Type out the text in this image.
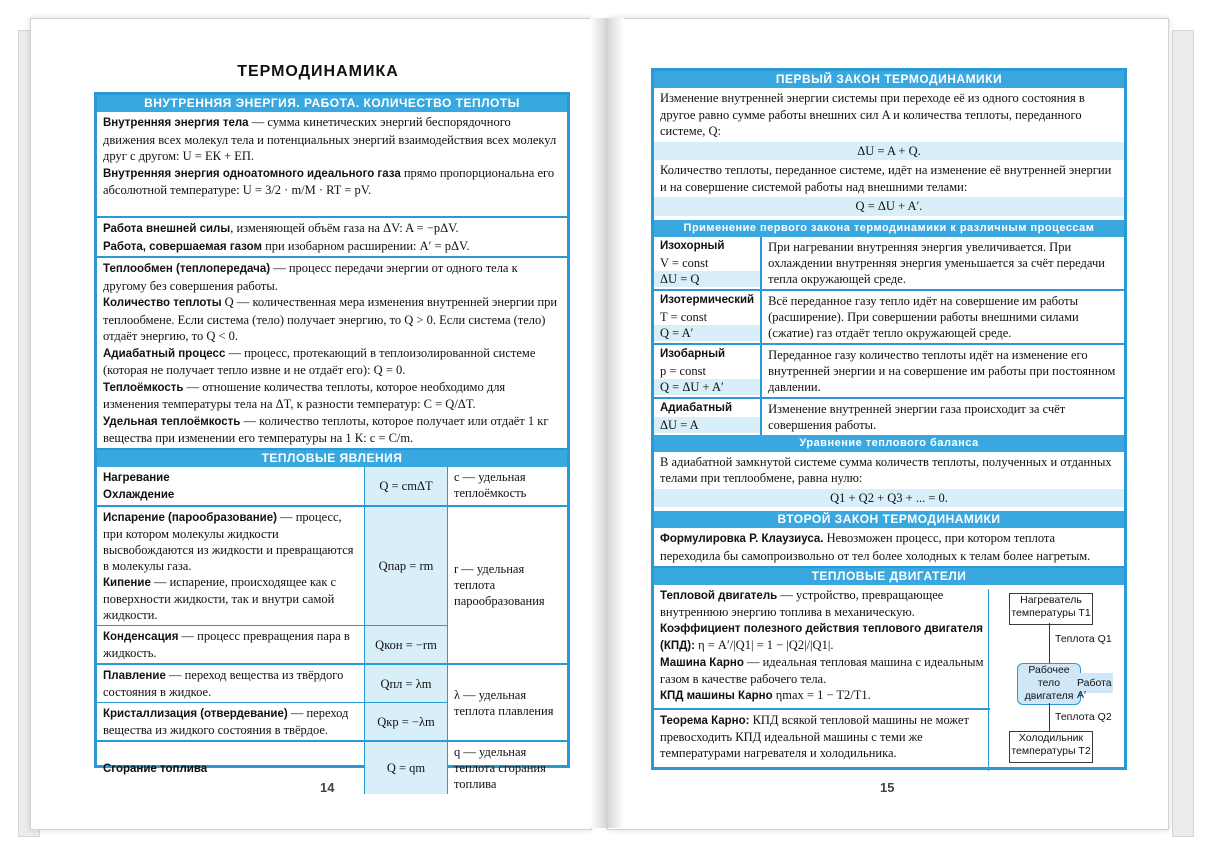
ТЕРМОДИНАМИКА
ВНУТРЕННЯЯ ЭНЕРГИЯ. РАБОТА. КОЛИЧЕСТВО ТЕПЛОТЫ
Внутренняя энергия тела — сумма кинетических энергий беспорядочного движения всех молекул тела и потенциальных энергий взаимодействия всех молекул друг с другом: U = EК + EП.
Внутренняя энергия одноатомного идеального газа прямо пропорциональна его абсолютной температуре: U = 3/2 · m/M · RT = pV.
Работа внешней силы, изменяющей объём газа на ΔV: A = −pΔV.
Работа, совершаемая газом при изобарном расширении: A′ = pΔV.
Теплообмен (теплопередача) — процесс передачи энергии от одного тела к другому без совершения работы.
Количество теплоты Q — количественная мера изменения внутренней энергии при теплообмене. Если система (тело) получает энергию, то Q > 0. Если система (тело) отдаёт энергию, то Q < 0.
Адиабатный процесс — процесс, протекающий в теплоизолированной системе (которая не получает тепло извне и не отдаёт его): Q = 0.
Теплоёмкость — отношение количества теплоты, которое необходимо для изменения температуры тела на ΔT, к разности температур: C = Q/ΔT.
Удельная теплоёмкость — количество теплоты, которое получает или отдаёт 1 кг вещества при изменении его температуры на 1 К: c = C/m.
ТЕПЛОВЫЕ ЯВЛЕНИЯ
Нагревание
Охлаждение	Q = cmΔT	c — удельная теплоёмкость
Испарение (парообразование) — процесс, при котором молекулы жидкости высвобождаются из жидкости и превращаются в молекулы газа.
Кипение — испарение, происходящее как с поверхности жидкости, так и внутри самой жидкости.	Qпар = rm	r — удельная теплота парообразования
Конденсация — процесс превращения пара в жидкость.	Qкон = −rm	
Плавление — переход вещества из твёрдого состояния в жидкое.	Qпл = λm	λ — удельная теплота плавления
Кристаллизация (отвердевание) — переход вещества из жидкого состояния в твёрдое.	Qкр = −λm	
Сгорание топлива	Q = qm	q — удельная теплота сгорания топлива
14
ПЕРВЫЙ ЗАКОН ТЕРМОДИНАМИКИ
Изменение внутренней энергии системы при переходе её из одного состояния в другое равно сумме работы внешних сил A и количества теплоты, переданного системе, Q:
ΔU = A + Q.
Количество теплоты, переданное системе, идёт на изменение её внутренней энергии и на совершение системой работы над внешними телами:
Q = ΔU + A′.
Применение первого закона термодинамики к различным процессам
Изохорный
V = const
ΔU = Q	При нагревании внутренняя энергия увеличивается. При охлаждении внутренняя энергия уменьшается за счёт передачи тепла окружающей среде.

Изотермический
T = const
Q = A′	Всё переданное газу тепло идёт на совершение им работы (расширение). При совершении работы внешними силами (сжатие) газ отдаёт тепло окружающей среде.

Изобарный
p = const
Q = ΔU + A′	Переданное газу количество теплоты идёт на изменение его внутренней энергии и на совершение им работы при постоянном давлении.

Адиабатный
ΔU = A	Изменение внутренней энергии газа происходит за счёт совершения работы.
Уравнение теплового баланса
В адиабатной замкнутой системе сумма количеств теплоты, полученных и отданных телами при теплообмене, равна нулю:
Q1 + Q2 + Q3 + ... = 0.
ВТОРОЙ ЗАКОН ТЕРМОДИНАМИКИ
Формулировка Р. Клаузиуса. Невозможен процесс, при котором теплота переходила бы самопроизвольно от тел более холодных к телам более нагретым.
ТЕПЛОВЫЕ ДВИГАТЕЛИ
Тепловой двигатель — устройство, превращающее внутреннюю энергию топлива в механическую.
Коэффициент полезного действия теплового двигателя (КПД): η = A′/|Q1| = 1 − |Q2|/|Q1|.
Машина Карно — идеальная тепловая машина с идеальным газом в качестве рабочего тела.
КПД машины Карно ηmax = 1 − T2/T1.
Теорема Карно: КПД всякой тепловой машины не может превосходить КПД идеальной машины с теми же температурами нагревателя и холодильника.
Нагреватель
температуры T1
Теплота Q1
Рабочее
тело
двигателя
Работа A′
Теплота Q2
Холодильник
температуры T2
15
